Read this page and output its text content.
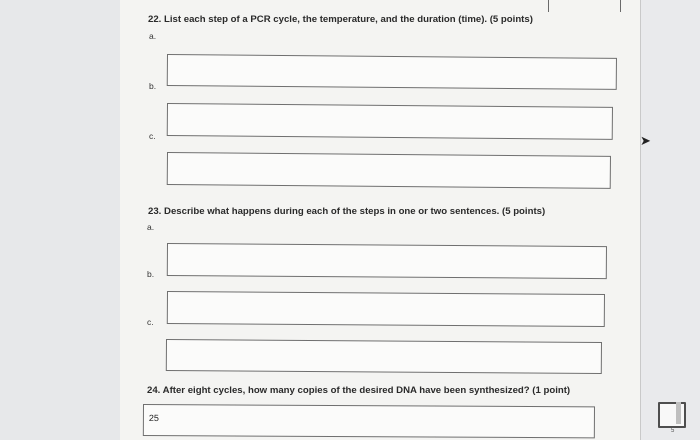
22. List each step of a PCR cycle, the temperature, and the duration (time). (5 points)
a.
b.
c.	➤
23. Describe what happens during each of the steps in one or two sentences. (5 points)
a.
b.
c.
24. After eight cycles, how many copies of the desired DNA have been synthesized? (1 point)
25
5
